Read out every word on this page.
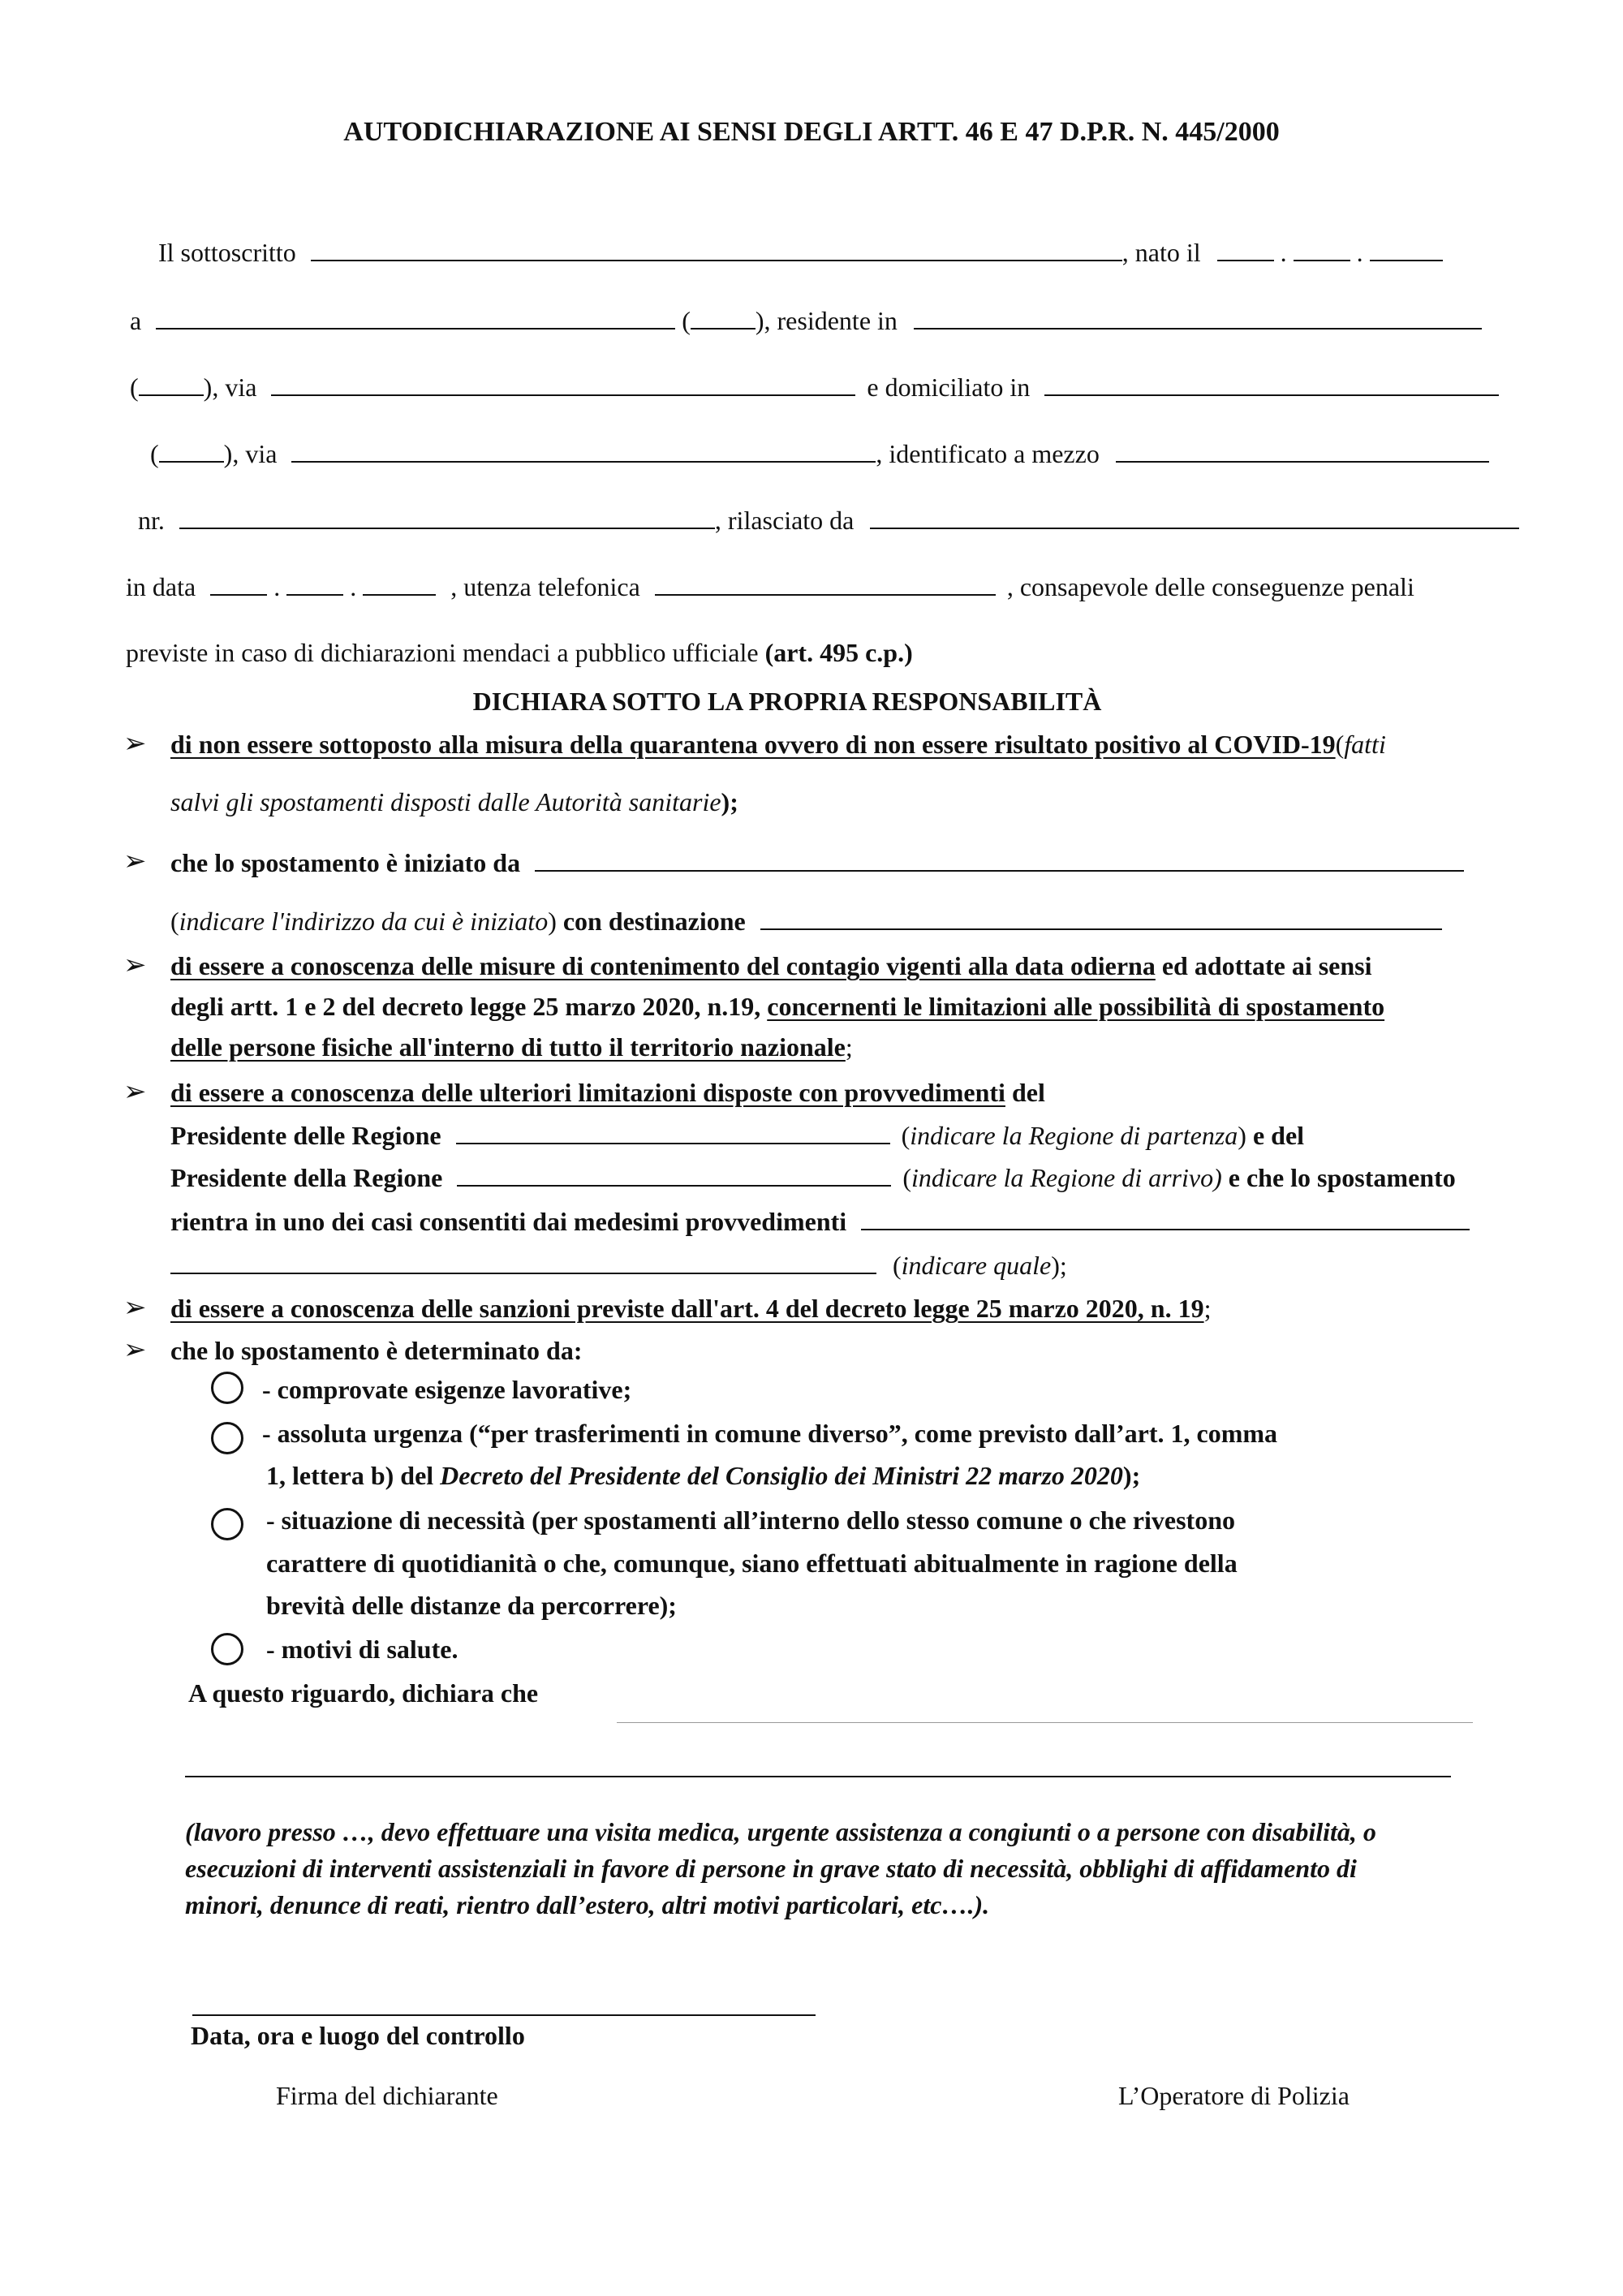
AUTODICHIARAZIONE AI SENSI DEGLI ARTT. 46 E 47 D.P.R. N. 445/2000
Il sottoscritto	, nato il	.	.
a	(	), residente in
(	), via	e domiciliato in
(	), via	, identificato a mezzo
nr.	, rilasciato da
in data	.	.	, utenza telefonica	, consapevole delle conseguenze penali
previste in caso di dichiarazioni mendaci a pubblico ufficiale (art. 495 c.p.)
DICHIARA SOTTO LA PROPRIA RESPONSABILITÀ
➢ di non essere sottoposto alla misura della quarantena ovvero di non essere risultato positivo al COVID-19(fatti
salvi gli spostamenti disposti dalle Autorità sanitarie);
➢ che lo spostamento è iniziato da
(indicare l'indirizzo da cui è iniziato) con destinazione
➢ di essere a conoscenza delle misure di contenimento del contagio vigenti alla data odierna ed adottate ai sensi
degli artt. 1 e 2 del decreto legge 25 marzo 2020, n.19, concernenti le limitazioni alle possibilità di spostamento
delle persone fisiche all'interno di tutto il territorio nazionale;
➢ di essere a conoscenza delle ulteriori limitazioni disposte con provvedimenti del
Presidente delle Regione	(indicare la Regione di partenza) e del
Presidente della Regione	(indicare la Regione di arrivo) e che lo spostamento
rientra in uno dei casi consentiti dai medesimi provvedimenti
(indicare quale);
➢ di essere a conoscenza delle sanzioni previste dall'art. 4 del decreto legge 25 marzo 2020, n. 19;
➢ che lo spostamento è determinato da:
- comprovate esigenze lavorative;
- assoluta urgenza (“per trasferimenti in comune diverso”, come previsto dall’art. 1, comma
1, lettera b) del Decreto del Presidente del Consiglio dei Ministri 22 marzo 2020);
- situazione di necessità (per spostamenti all’interno dello stesso comune o che rivestono
carattere di quotidianità o che, comunque, siano effettuati abitualmente in ragione della
brevità delle distanze da percorrere);
- motivi di salute.
A questo riguardo, dichiara che
(lavoro presso …, devo effettuare una visita medica, urgente assistenza a congiunti o a persone con disabilità, o
esecuzioni di interventi assistenziali in favore di persone in grave stato di necessità, obblighi di affidamento di
minori, denunce di reati, rientro dall’estero, altri motivi particolari, etc….).
Data, ora e luogo del controllo
Firma del dichiarante	L’Operatore di Polizia
